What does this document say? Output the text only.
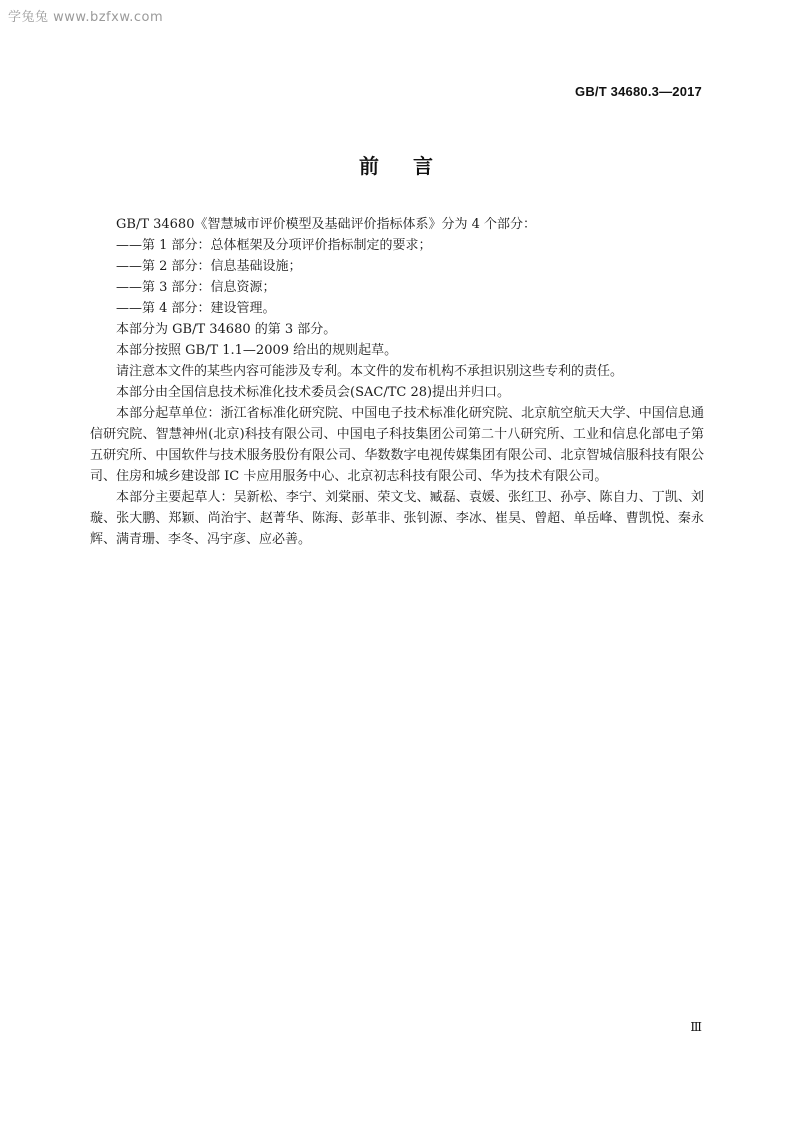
学兔兔 www.bzfxw.com
GB/T 34680.3—2017
前言

GB/T 34680《智慧城市评价模型及基础评价指标体系》分为 4 个部分：

——第 1 部分：总体框架及分项评价指标制定的要求；

——第 2 部分：信息基础设施；

——第 3 部分：信息资源；

——第 4 部分：建设管理。

本部分为 GB/T 34680 的第 3 部分。

本部分按照 GB/T 1.1—2009 给出的规则起草。

请注意本文件的某些内容可能涉及专利。本文件的发布机构不承担识别这些专利的责任。

本部分由全国信息技术标准化技术委员会(SAC/TC 28)提出并归口。

本部分起草单位：浙江省标准化研究院、中国电子技术标准化研究院、北京航空航天大学、中国信息通信研究院、智慧神州(北京)科技有限公司、中国电子科技集团公司第二十八研究所、工业和信息化部电子第五研究所、中国软件与技术服务股份有限公司、华数数字电视传媒集团有限公司、北京智城信服科技有限公司、住房和城乡建设部 IC 卡应用服务中心、北京初志科技有限公司、华为技术有限公司。

本部分主要起草人：吴新松、李宁、刘棠丽、荣文戈、臧磊、袁媛、张红卫、孙亭、陈自力、丁凯、刘璇、张大鹏、郑颖、尚治宇、赵菁华、陈海、彭革非、张钊源、李冰、崔昊、曾超、单岳峰、曹凯悦、秦永辉、满青珊、李冬、冯宇彦、应必善。

Ⅲ
